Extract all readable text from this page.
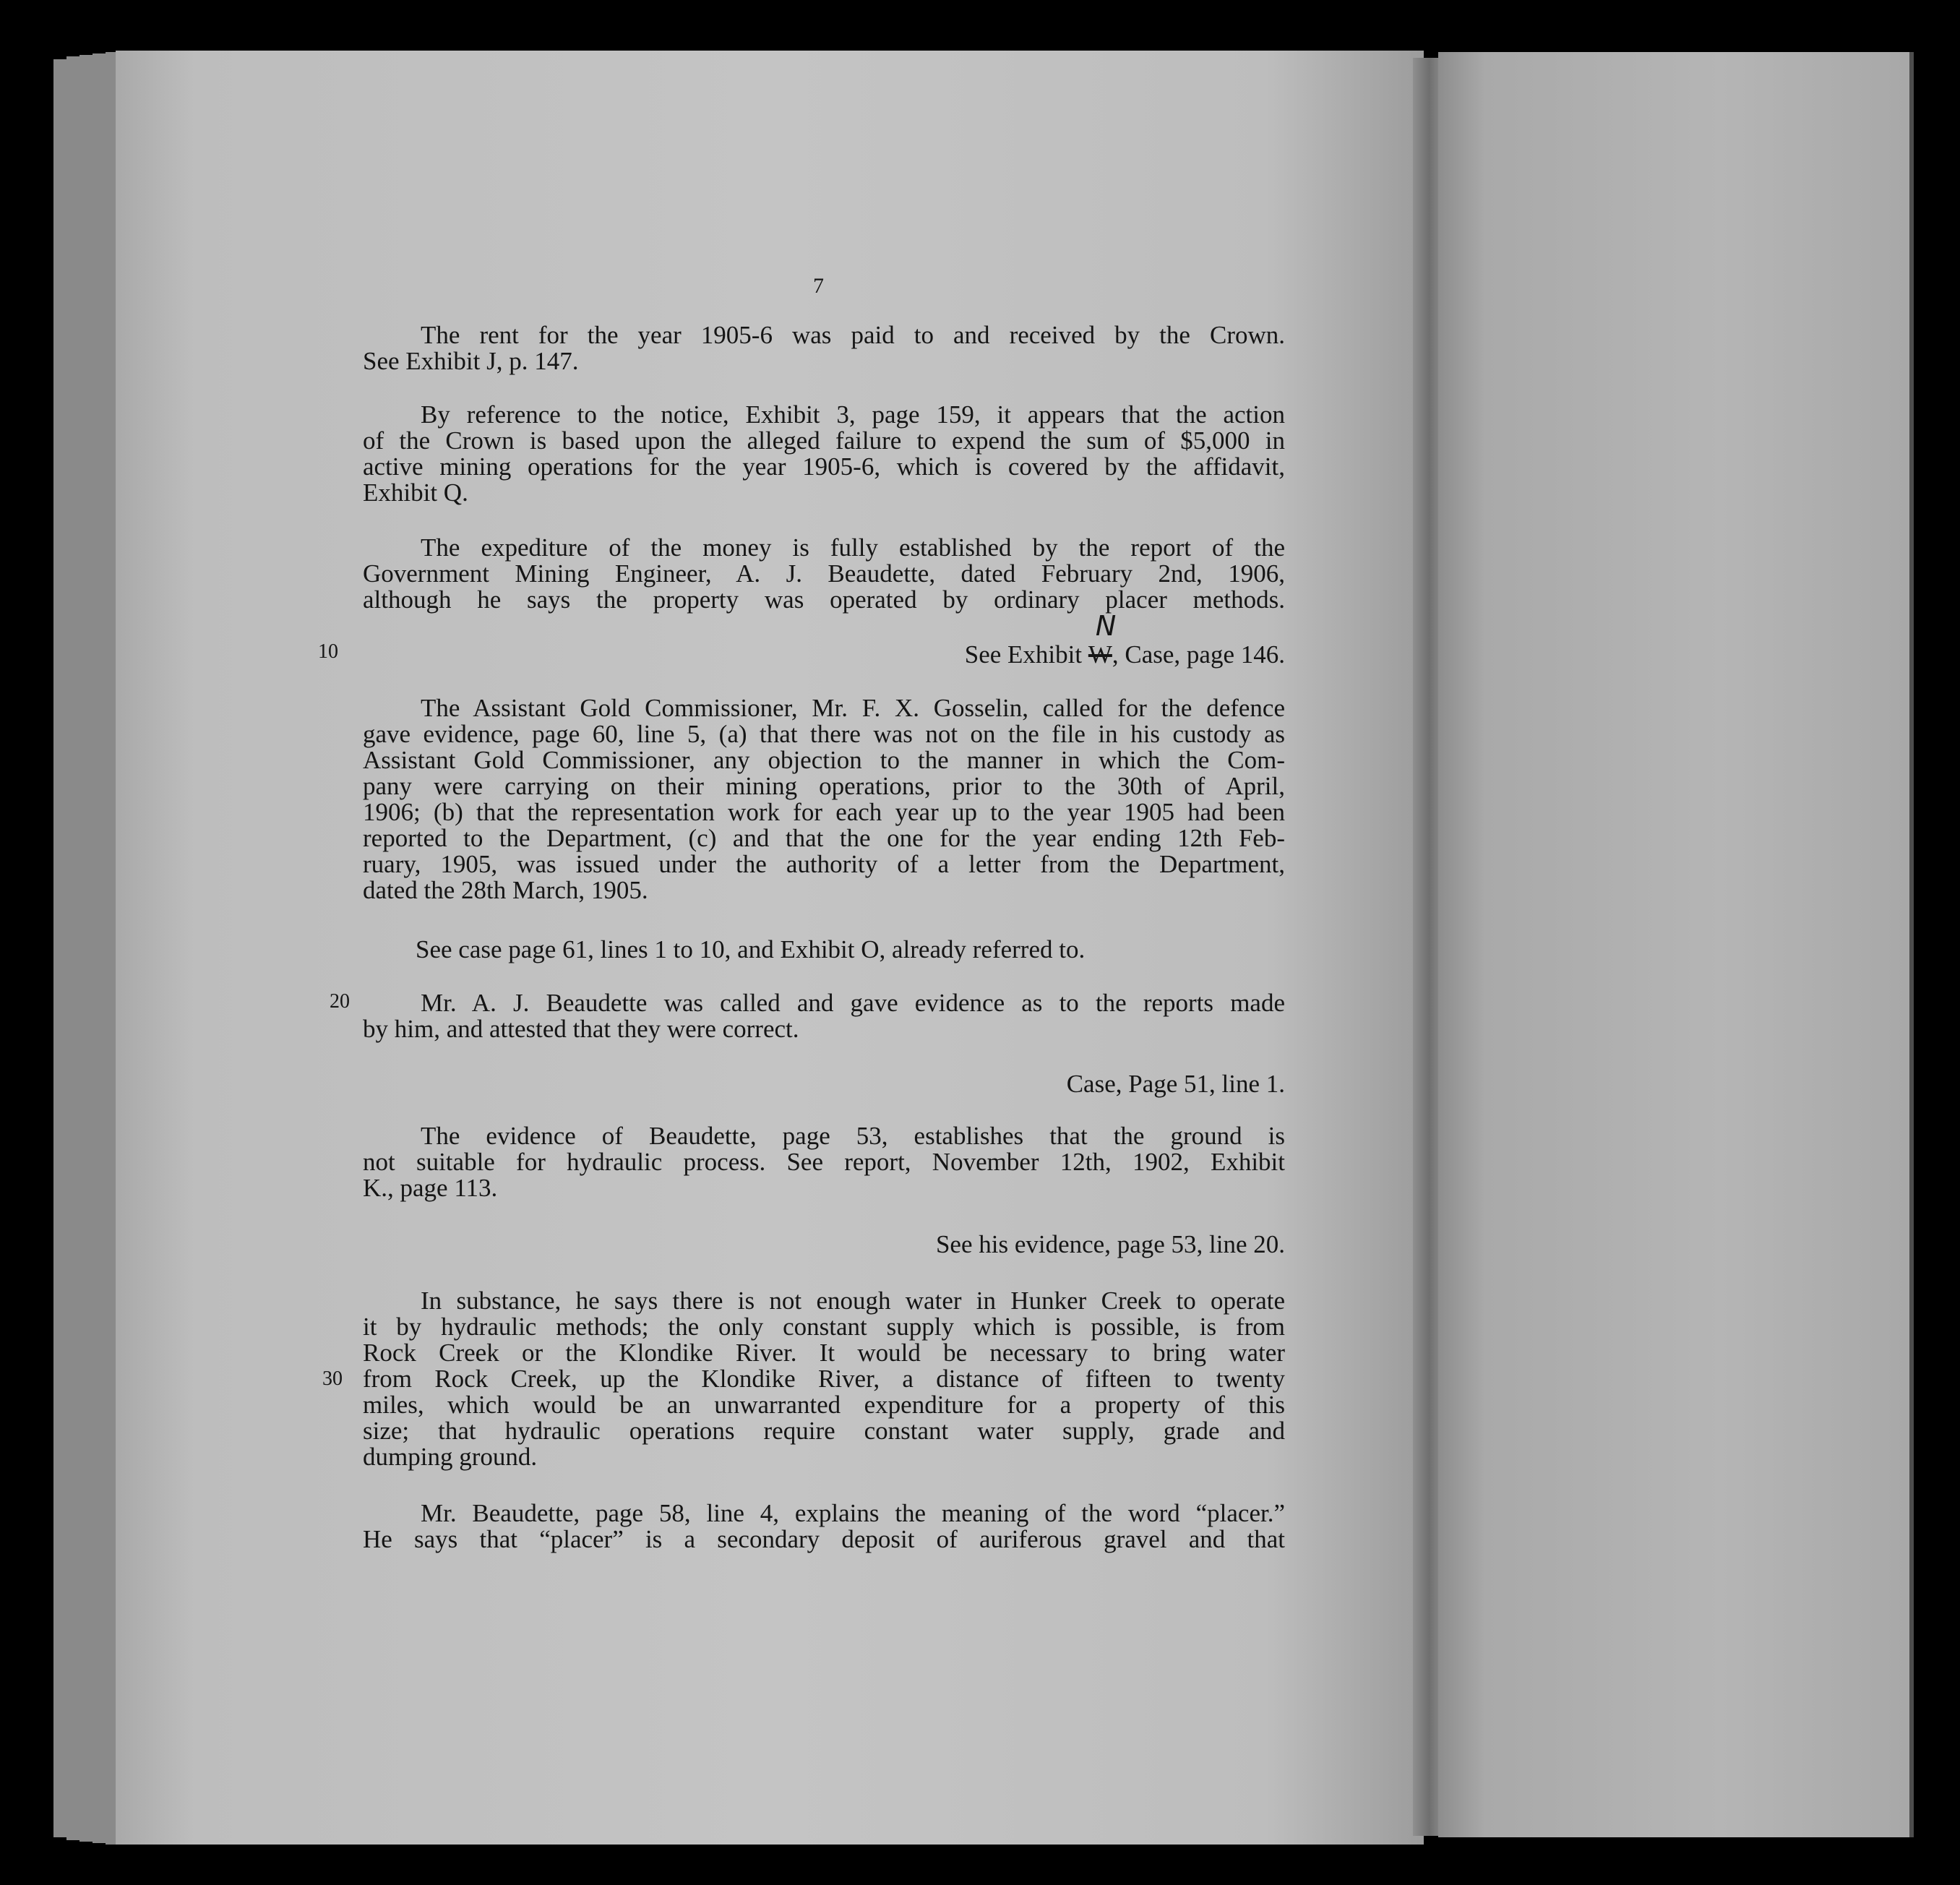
7

The rent for the year 1905-6 was paid to and received by the Crown.
See Exhibit J, p. 147.
By reference to the notice, Exhibit 3, page 159, it appears that the action
of the Crown is based upon the alleged failure to expend the sum of $5,000 in
active mining operations for the year 1905-6, which is covered by the affidavit,
Exhibit Q.
The expediture of the money is fully established by the report of the
Government Mining Engineer, A. J. Beaudette, dated February 2nd, 1906,
although he says the property was operated by ordinary placer methods.
10	See Exhibit W
N
, Case, page 146.
The Assistant Gold Commissioner, Mr. F. X. Gosselin, called for the defence
gave evidence, page 60, line 5, (a) that there was not on the file in his custody as
Assistant Gold Commissioner, any objection to the manner in which the Com-
pany were carrying on their mining operations, prior to the 30th of April,
1906; (b) that the representation work for each year up to the year 1905 had been
reported to the Department, (c) and that the one for the year ending 12th Feb-
ruary, 1905, was issued under the authority of a letter from the Department,
dated the 28th March, 1905.

See case page 61, lines 1 to 10, and Exhibit O, already referred to.

20	Mr. A. J. Beaudette was called and gave evidence as to the reports made
by him, and attested that they were correct.
Case, Page 51, line 1.
The evidence of Beaudette, page 53, establishes that the ground is
not suitable for hydraulic process. See report, November 12th, 1902, Exhibit
K., page 113.
See his evidence, page 53, line 20.
30
In substance, he says there is not enough water in Hunker Creek to operate
it by hydraulic methods; the only constant supply which is possible, is from
Rock Creek or the Klondike River. It would be necessary to bring water
from Rock Creek, up the Klondike River, a distance of fifteen to twenty
miles, which would be an unwarranted expenditure for a property of this
size; that hydraulic operations require constant water supply, grade and
dumping ground.
Mr. Beaudette, page 58, line 4, explains the meaning of the word “placer.”
He says that “placer” is a secondary deposit of auriferous gravel and that
